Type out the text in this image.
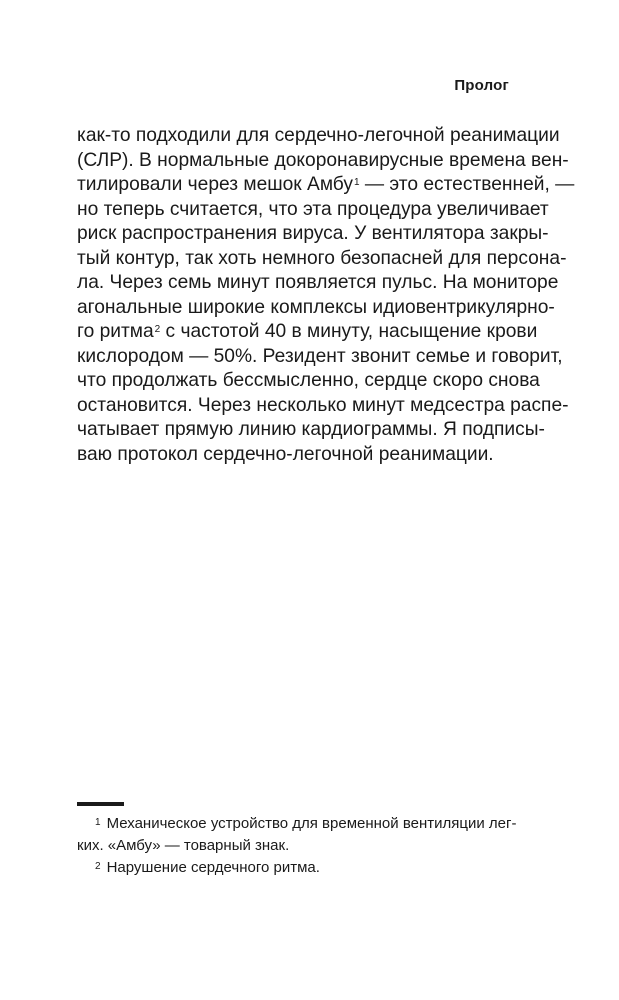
Пролог
как-то подходили для сердечно-легочной реанимации
(СЛР). В нормальные докоронавирусные времена вен-
тилировали через мешок Амбу$^1$ — это естественней, —
но теперь считается, что эта процедура увеличивает
риск распространения вируса. У вентилятора закры-
тый контур, так хоть немного безопасней для персона-
ла. Через семь минут появляется пульс. На мониторе
агональные широкие комплексы идиовентрикулярно-
го ритма$^2$ с частотой 40 в минуту, насыщение крови
кислородом — 50%. Резидент звонит семье и говорит,
что продолжать бессмысленно, сердце скоро снова
остановится. Через несколько минут медсестра распе-
чатывает прямую линию кардиограммы. Я подписы-
ваю протокол сердечно-легочной реанимации.
$^1$ Механическое устройство для временной вентиляции лег-
ких. «Амбу» — товарный знак.
$^2$ Нарушение сердечного ритма.
